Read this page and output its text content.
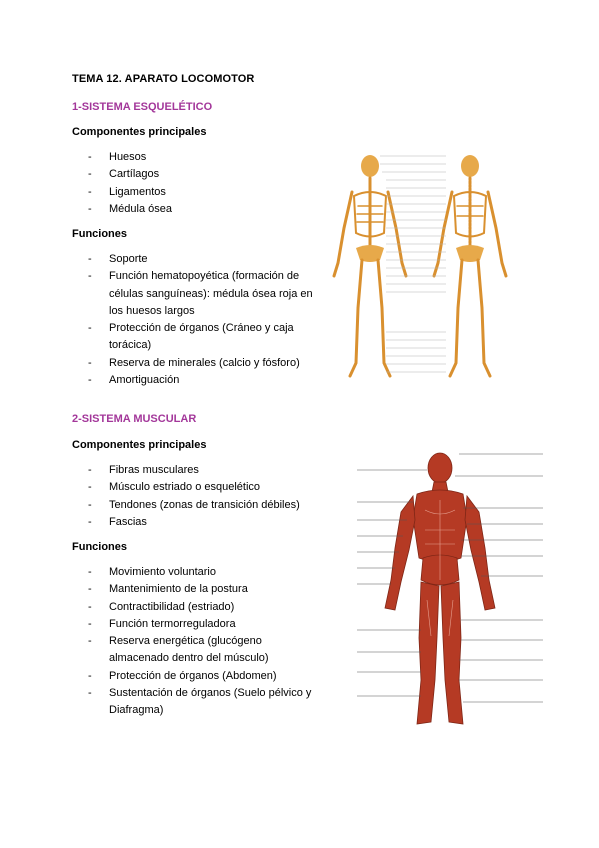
TEMA 12. APARATO LOCOMOTOR
1-SISTEMA ESQUELÉTICO
Componentes principales
- Huesos
- Cartílagos
- Ligamentos
- Médula ósea
Funciones
- Soporte
- Función hematopoyética (formación de células sanguíneas): médula ósea roja en los huesos largos
- Protección de órganos (Cráneo y caja torácica)
- Reserva de minerales (calcio y fósforo)
- Amortiguación
2-SISTEMA MUSCULAR
Componentes principales
- Fibras musculares
- Músculo estriado o esquelético
- Tendones (zonas de transición débiles)
- Fascias
Funciones
- Movimiento voluntario
- Mantenimiento de la postura
- Contractibilidad (estriado)
- Función termorreguladora
- Reserva energética (glucógeno almacenado dentro del músculo)
- Protección de órganos (Abdomen)
- Sustentación de órganos (Suelo pélvico y Diafragma)
